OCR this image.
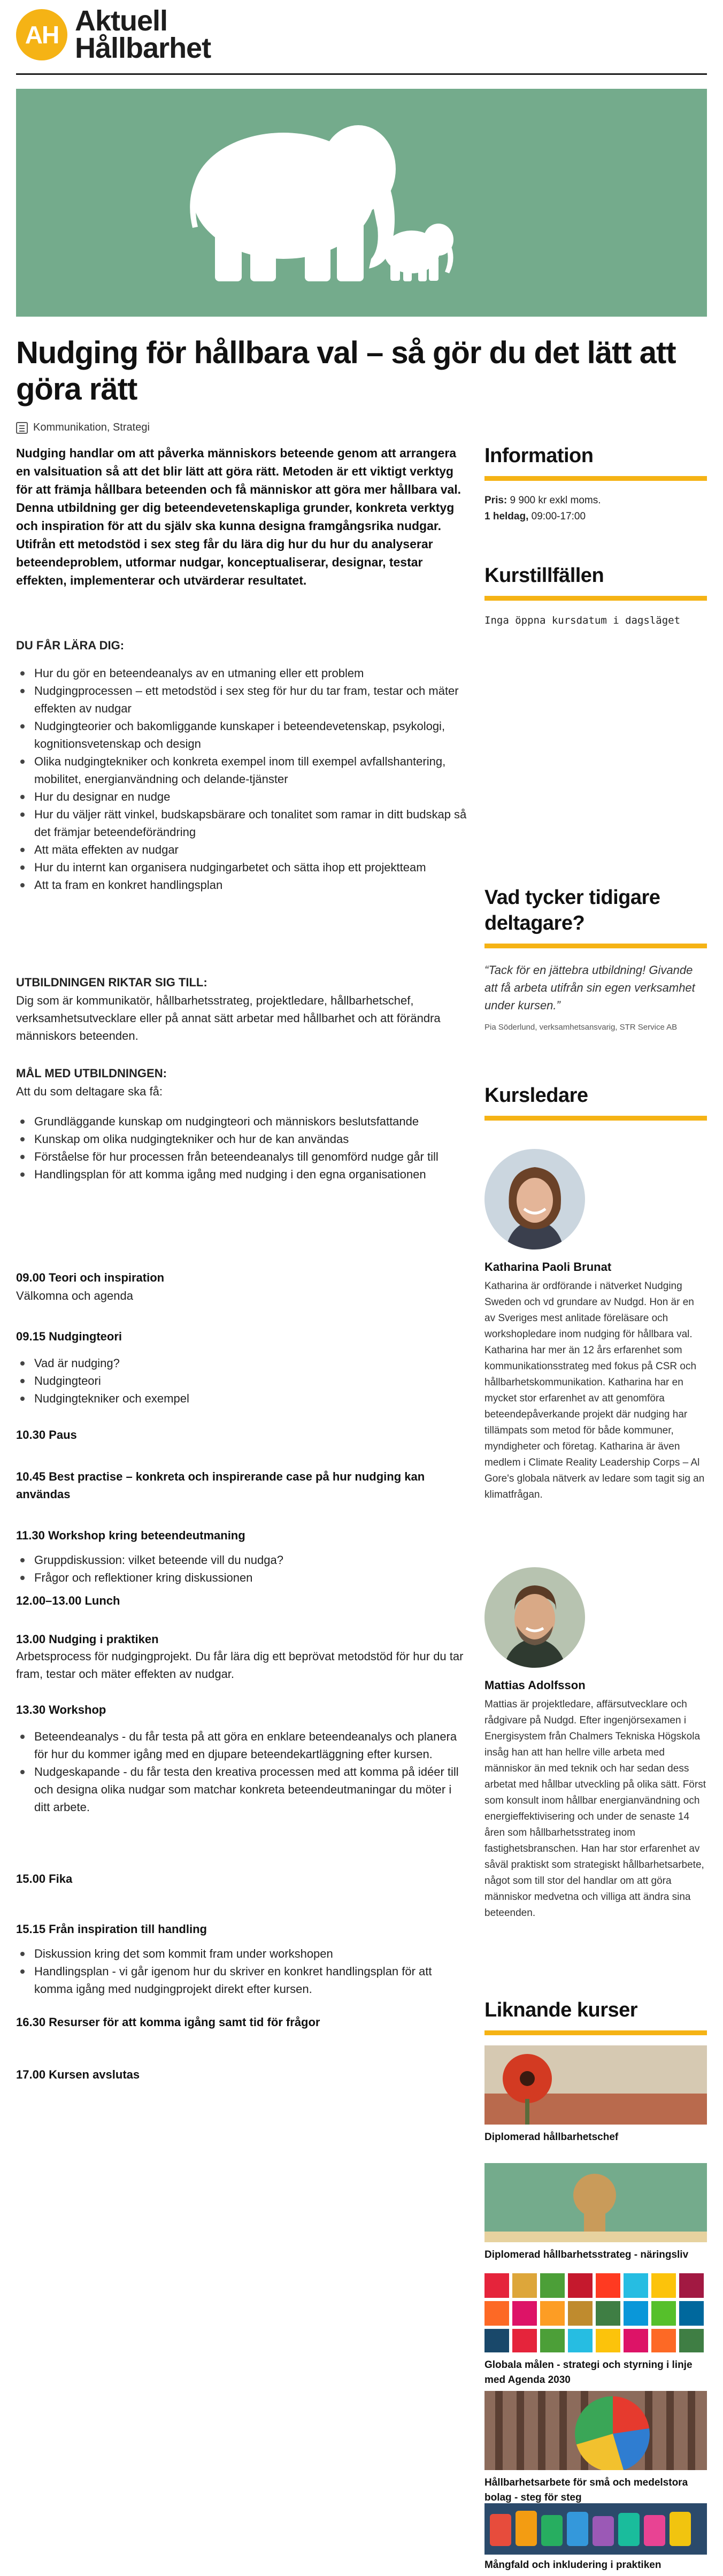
AH Aktuell
Hållbarhet
Nudging för hållbara val – så gör du det lätt att göra rätt
Kommunikation, Strategi

Nudging handlar om att påverka människors beteende genom att arrangera en valsituation så att det blir lätt att göra rätt. Metoden är ett viktigt verktyg för att främja hållbara beteenden och få människor att göra mer hållbara val. Denna utbildning ger dig beteendevetenskapliga grunder, konkreta verktyg och inspiration för att du själv ska kunna designa framgångsrika nudgar. Utifrån ett metodstöd i sex steg får du lära dig hur du hur du analyserar beteendeproblem, utformar nudgar, konceptualiserar, designar, testar effekten, implementerar och utvärderar resultatet.

DU FÅR LÄRA DIG:
Hur du gör en beteendeanalys av en utmaning eller ett problem
Nudgingprocessen – ett metodstöd i sex steg för hur du tar fram, testar och mäter effekten av nudgar
Nudgingteorier och bakomliggande kunskaper i beteendevetenskap, psykologi, kognitionsvetenskap och design
Olika nudgingtekniker och konkreta exempel inom till exempel avfallshantering, mobilitet, energianvändning och delande-tjänster
Hur du designar en nudge
Hur du väljer rätt vinkel, budskapsbärare och tonalitet som ramar in ditt budskap så det främjar beteendeförändring
Att mäta effekten av nudgar
Hur du internt kan organisera nudgingarbetet och sätta ihop ett projektteam
Att ta fram en konkret handlingsplan
UTBILDNINGEN RIKTAR SIG TILL:

Dig som är kommunikatör, hållbarhetsstrateg, projektledare, hållbarhetschef, verksamhetsutvecklare eller på annat sätt arbetar med hållbarhet och att förändra människors beteenden.

MÅL MED UTBILDNINGEN:

Att du som deltagare ska få:

Grundläggande kunskap om nudgingteori och människors beslutsfattande
Kunskap om olika nudgingtekniker och hur de kan användas
Förståelse för hur processen från beteendeanalys till genomförd nudge går till
Handlingsplan för att komma igång med nudging i den egna organisationen

09.00 Teori och inspiration

Välkomna och agenda

09.15 Nudgingteori

Vad är nudging?
Nudgingteori
Nudgingtekniker och exempel

10.30 Paus

10.45 Best practise – konkreta och inspirerande case på hur nudging kan användas

11.30 Workshop kring beteendeutmaning

Gruppdiskussion: vilket beteende vill du nudga?
Frågor och reflektioner kring diskussionen

12.00–13.00 Lunch

13.00 Nudging i praktiken

Arbetsprocess för nudgingprojekt. Du får lära dig ett beprövat metodstöd för hur du tar fram, testar och mäter effekten av nudgar.

13.30 Workshop

Beteendeanalys - du får testa på att göra en enklare beteendeanalys och planera för hur du kommer igång med en djupare beteendekartläggning efter kursen.
Nudgeskapande - du får testa den kreativa processen med att komma på idéer till och designa olika nudgar som matchar konkreta beteendeutmaningar du möter i ditt arbete.

15.00 Fika

15.15 Från inspiration till handling

Diskussion kring det som kommit fram under workshopen
Handlingsplan - vi går igenom hur du skriver en konkret handlingsplan för att komma igång med nudgingprojekt direkt efter kursen.

16.30 Resurser för att komma igång samt tid för frågor

17.00 Kursen avslutas

Information

Pris: 9 900 kr exkl moms.

1 heldag, 09:00-17:00

Kurstillfällen

Inga öppna kursdatum i dagsläget

Vad tycker tidigare deltagare?

“Tack för en jättebra utbildning! Givande att få arbeta utifrån sin egen verksamhet under kursen.”

Pia Söderlund, verksamhetsansvarig, STR Service AB

Kursledare

Katharina Paoli Brunat

Katharina är ordförande i nätverket Nudging Sweden och vd grundare av Nudgd. Hon är en av Sveriges mest anlitade föreläsare och workshopledare inom nudging för hållbara val. Katharina har mer än 12 års erfarenhet som kommunikationsstrateg med fokus på CSR och hållbarhetskommunikation. Katharina har en mycket stor erfarenhet av att genomföra beteendepåverkande projekt där nudging har tillämpats som metod för både kommuner, myndigheter och företag. Katharina är även medlem i Climate Reality Leadership Corps – Al Gore's globala nätverk av ledare som tagit sig an klimatfrågan.

Mattias Adolfsson

Mattias är projektledare, affärsutvecklare och rådgivare på Nudgd. Efter ingenjörsexamen i Energisystem från Chalmers Tekniska Högskola insåg han att han hellre ville arbeta med människor än med teknik och har sedan dess arbetat med hållbar utveckling på olika sätt. Först som konsult inom hållbar energianvändning och energieffektivisering och under de senaste 14 åren som hållbarhetsstrateg inom fastighetsbranschen. Han har stor erfarenhet av såväl praktiskt som strategiskt hållbarhetsarbete, något som till stor del handlar om att göra människor medvetna och villiga att ändra sina beteenden.

Liknande kurser

Diplomerad hållbarhetschef

Diplomerad hållbarhetsstrateg - näringsliv

Globala målen - strategi och styrning i linje med Agenda 2030

Hållbarhetsarbete för små och medelstora bolag - steg för steg

Mångfald och inkludering i praktiken
